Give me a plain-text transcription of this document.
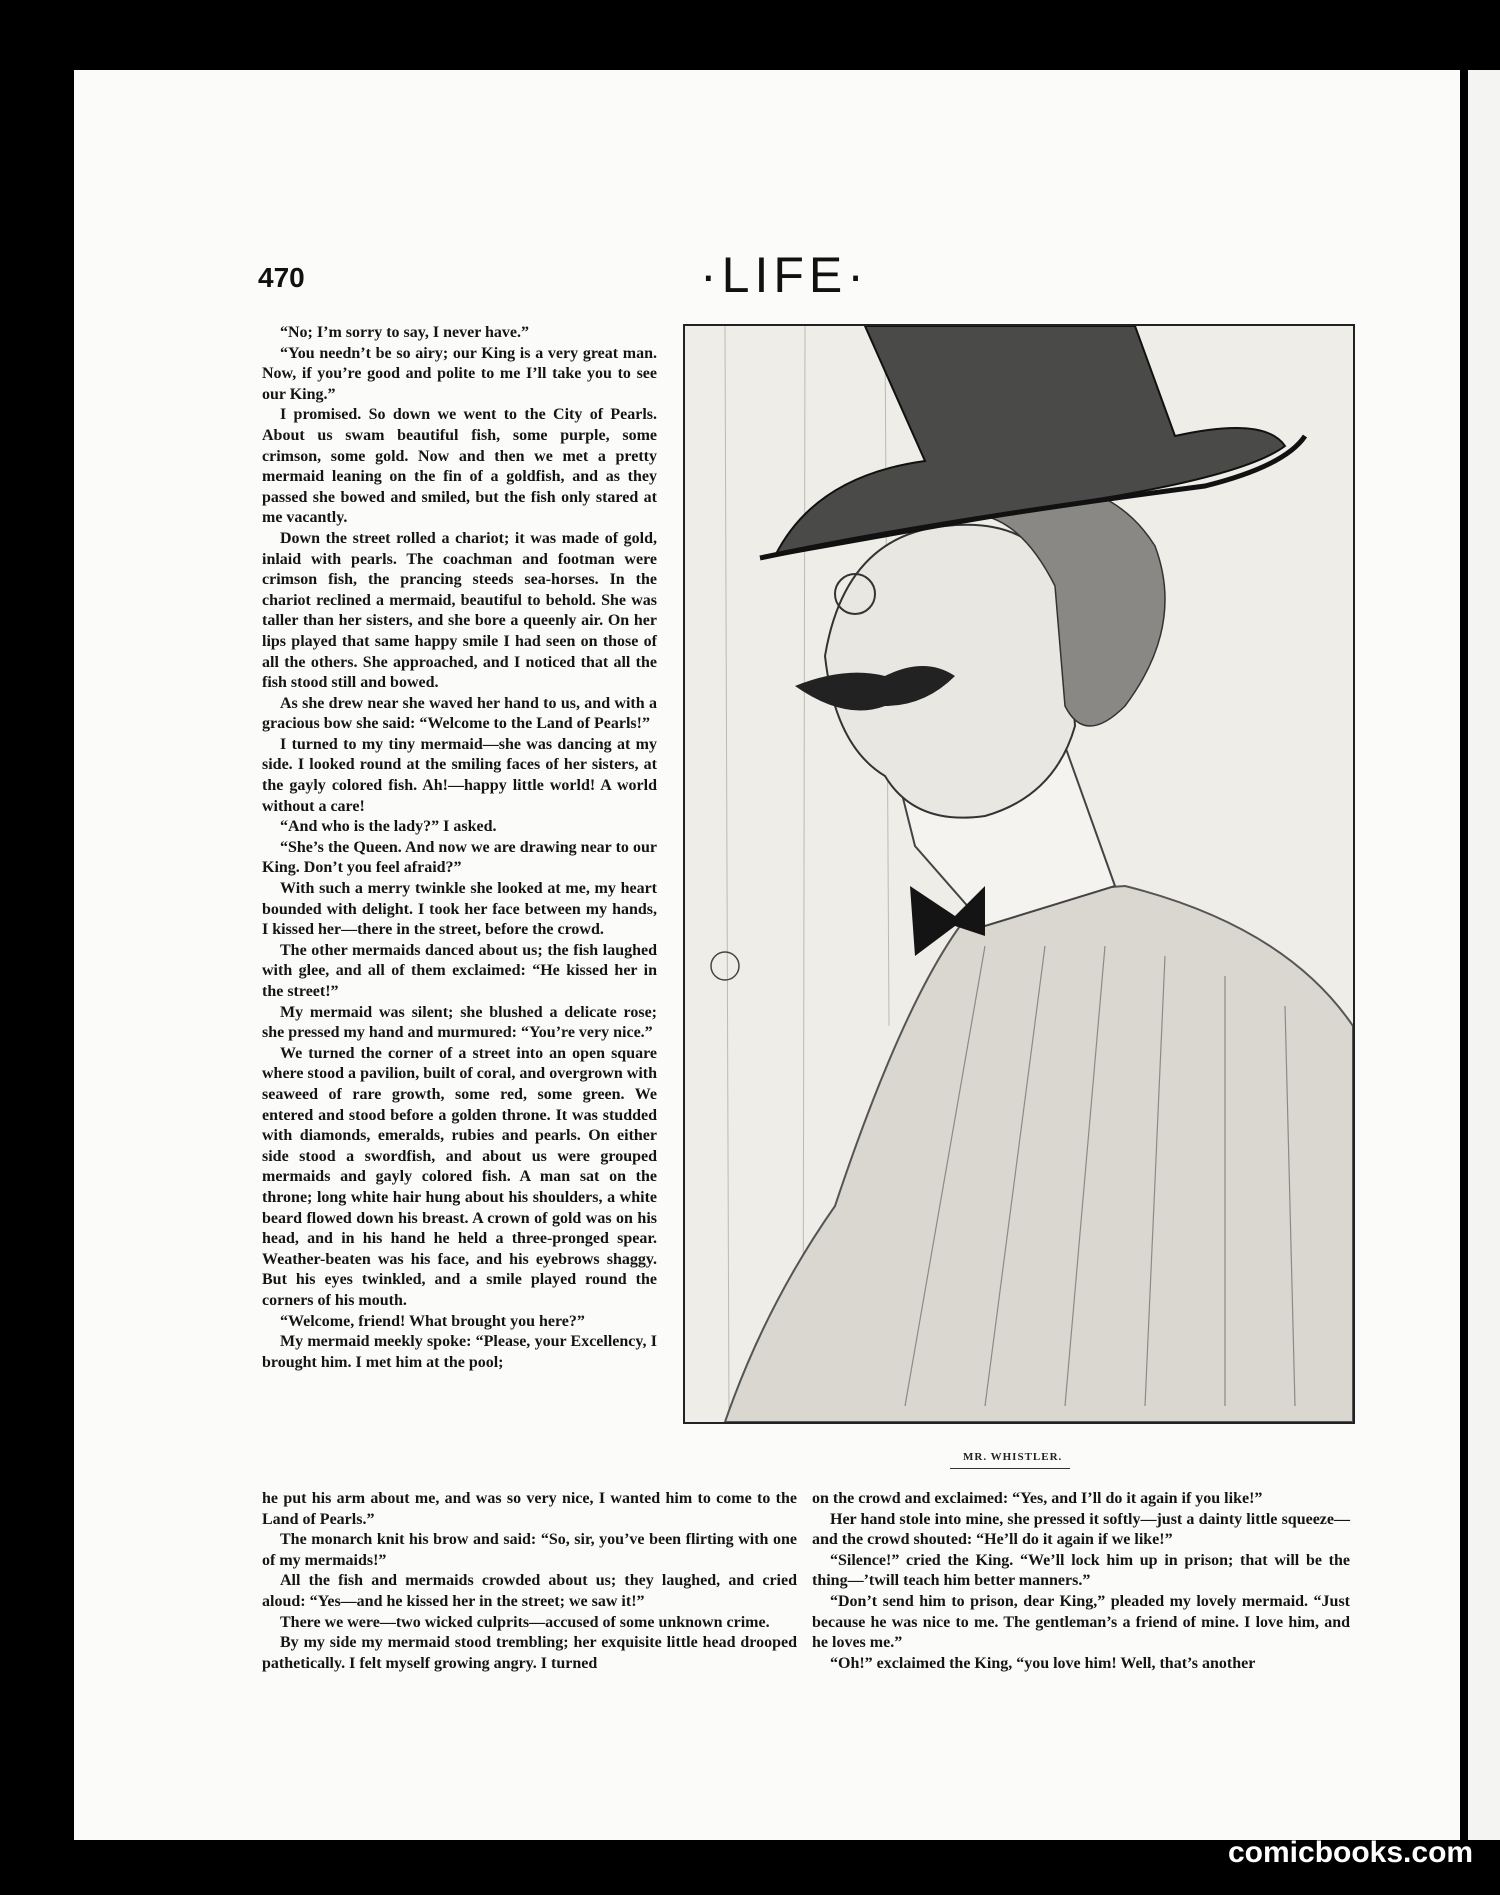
470	·LIFE·

“No; I’m sorry to say, I never have.”

“You needn’t be so airy; our King is a very great man. Now, if you’re good and polite to me I’ll take you to see our King.”

I promised. So down we went to the City of Pearls. About us swam beautiful fish, some purple, some crimson, some gold. Now and then we met a pretty mermaid leaning on the fin of a goldfish, and as they passed she bowed and smiled, but the fish only stared at me vacantly.

Down the street rolled a chariot; it was made of gold, inlaid with pearls. The coachman and footman were crimson fish, the prancing steeds sea-horses. In the chariot reclined a mermaid, beautiful to behold. She was taller than her sisters, and she bore a queenly air. On her lips played that same happy smile I had seen on those of all the others. She approached, and I noticed that all the fish stood still and bowed.

As she drew near she waved her hand to us, and with a gracious bow she said: “Welcome to the Land of Pearls!”

I turned to my tiny mermaid—she was dancing at my side. I looked round at the smiling faces of her sisters, at the gayly colored fish. Ah!—happy little world! A world without a care!

“And who is the lady?” I asked.

“She’s the Queen. And now we are drawing near to our King. Don’t you feel afraid?”

With such a merry twinkle she looked at me, my heart bounded with delight. I took her face between my hands, I kissed her—there in the street, before the crowd.

The other mermaids danced about us; the fish laughed with glee, and all of them exclaimed: “He kissed her in the street!”

My mermaid was silent; she blushed a delicate rose; she pressed my hand and murmured: “You’re very nice.”

We turned the corner of a street into an open square where stood a pavilion, built of coral, and overgrown with seaweed of rare growth, some red, some green. We entered and stood before a golden throne. It was studded with diamonds, emeralds, rubies and pearls. On either side stood a swordfish, and about us were grouped mermaids and gayly colored fish. A man sat on the throne; long white hair hung about his shoulders, a white beard flowed down his breast. A crown of gold was on his head, and in his hand he held a three-pronged spear. Weather-beaten was his face, and his eyebrows shaggy. But his eyes twinkled, and a smile played round the corners of his mouth.

“Welcome, friend! What brought you here?”

My mermaid meekly spoke: “Please, your Excellency, I brought him. I met him at the pool;

MR. WHISTLER.

he put his arm about me, and was so very nice, I wanted him to come to the Land of Pearls.”

The monarch knit his brow and said: “So, sir, you’ve been flirting with one of my mermaids!”

All the fish and mermaids crowded about us; they laughed, and cried aloud: “Yes—and he kissed her in the street; we saw it!”

There we were—two wicked culprits—accused of some unknown crime.

By my side my mermaid stood trembling; her exquisite little head drooped pathetically. I felt myself growing angry. I turned

on the crowd and exclaimed: “Yes, and I’ll do it again if you like!”

Her hand stole into mine, she pressed it softly—just a dainty little squeeze—and the crowd shouted: “He’ll do it again if we like!”

“Silence!” cried the King. “We’ll lock him up in prison; that will be the thing—’twill teach him better manners.”

“Don’t send him to prison, dear King,” pleaded my lovely mermaid. “Just because he was nice to me. The gentleman’s a friend of mine. I love him, and he loves me.”

“Oh!” exclaimed the King, “you love him! Well, that’s another

comicbooks.com
